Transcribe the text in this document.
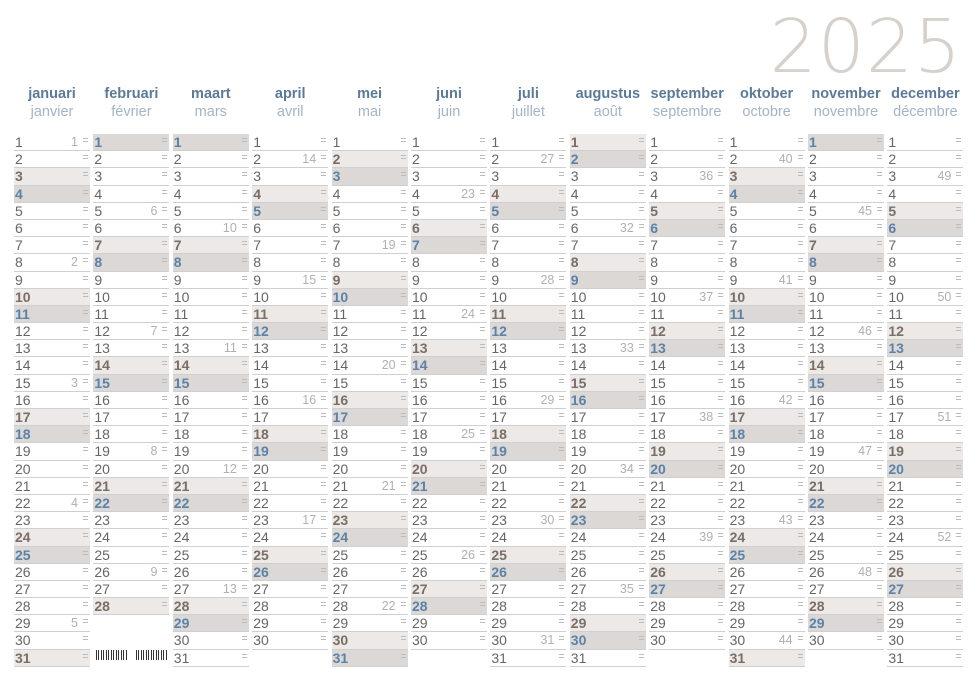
2025
januari
janvier
1	1
2
3
4
5
6
7
8	2
9
10
11
12
13
14
15	3
16
17
18
19
20
21
22	4
23
24
25
26
27
28
29	5
30
31
februari
février
1
2
3
4
5	6
6
7
8
9
10
11
12	7
13
14
15
16
17
18
19	8
20
21
22
23
24
25
26	9
27
28
maart
mars
1
2
3
4
5
6	10
7
8
9
10
11
12
13	11
14
15
16
17
18
19
20	12
21
22
23
24
25
26
27	13
28
29
30
31
april
avril
1
2	14
3
4
5
6
7
8
9	15
10
11
12
13
14
15
16	16
17
18
19
20
21
22
23	17
24
25
26
27
28
29
30
mei
mai
1
2
3
4
5
6
7	19
8
9
10
11
12
13
14	20
15
16
17
18
19
20
21	21
22
23
24
25
26
27
28	22
29
30
31
juni
juin
1
2
3
4	23
5
6
7
8
9
10
11	24
12
13
14
15
16
17
18	25
19
20
21
22
23
24
25	26
26
27
28
29
30
juli
juillet
1
2	27
3
4
5
6
7
8
9	28
10
11
12
13
14
15
16	29
17
18
19
20
21
22
23	30
24
25
26
27
28
29
30	31
31
augustus
août
1
2
3
4
5
6	32
7
8
9
10
11
12
13	33
14
15
16
17
18
19
20	34
21
22
23
24
25
26
27	35
28
29
30
31
september
septembre
1
2
3	36
4
5
6
7
8
9
10	37
11
12
13
14
15
16
17	38
18
19
20
21
22
23
24	39
25
26
27
28
29
30
oktober
octobre
1
2	40
3
4
5
6
7
8
9	41
10
11
12
13
14
15
16	42
17
18
19
20
21
22
23	43
24
25
26
27
28
29
30	44
31
november
novembre
1
2
3
4
5	45
6
7
8
9
10
11
12	46
13
14
15
16
17
18
19	47
20
21
22
23
24
25
26	48
27
28
29
30
december
décembre
1
2
3	49
4
5
6
7
8
9
10	50
11
12
13
14
15
16
17	51
18
19
20
21
22
23
24	52
25
26
27
28
29
30
31
